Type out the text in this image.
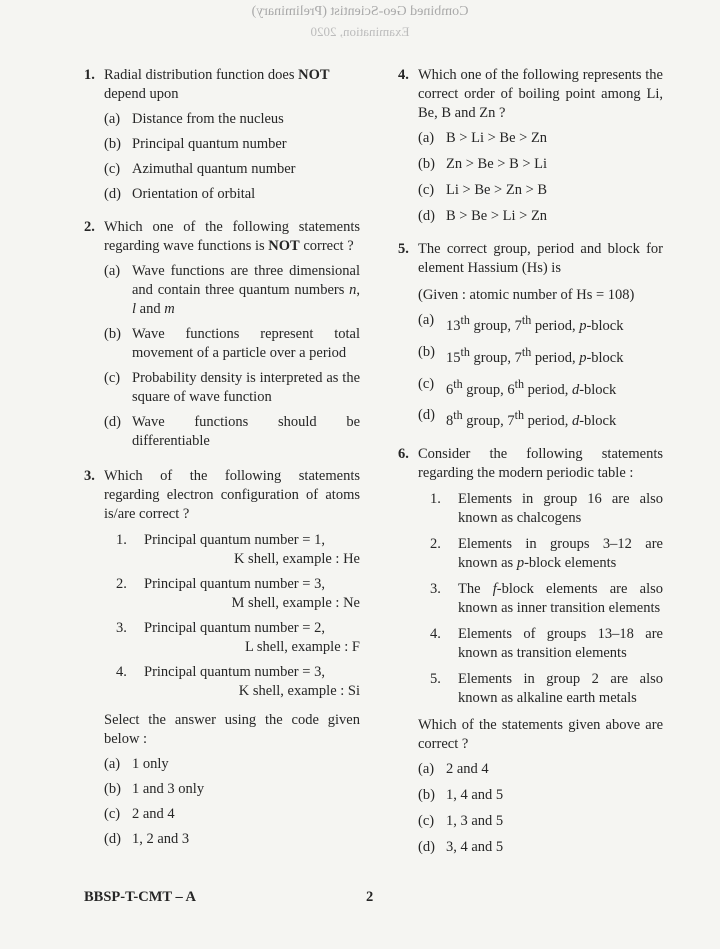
Combined Geo-Scientist (Preliminary)
Examination, 2020
1. Radial distribution function does NOT
depend upon
(a) Distance from the nucleus
(b) Principal quantum number
(c) Azimuthal quantum number
(d) Orientation of orbital
2. Which one of the following statements regarding wave functions is NOT correct ?
(a) Wave functions are three dimensional and contain three quantum numbers n, l and m
(b) Wave functions represent total movement of a particle over a period
(c) Probability density is interpreted as the square of wave function
(d) Wave functions should be differentiable
3. Which of the following statements regarding electron configuration of atoms is/are correct ?
1. Principal quantum number = 1,
K shell, example : He
2. Principal quantum number = 3,
M shell, example : Ne
3. Principal quantum number = 2,
L shell, example : F
4. Principal quantum number = 3,
K shell, example : Si
Select the answer using the code given below :
(a) 1 only
(b) 1 and 3 only
(c) 2 and 4
(d) 1, 2 and 3
4. Which one of the following represents the correct order of boiling point among Li, Be, B and Zn ?
(a) B > Li > Be > Zn
(b) Zn > Be > B > Li
(c) Li > Be > Zn > B
(d) B > Be > Li > Zn
5. The correct group, period and block for element Hassium (Hs) is
(Given : atomic number of Hs = 108)
(a) 13th group, 7th period, p-block
(b) 15th group, 7th period, p-block
(c) 6th group, 6th period, d-block
(d) 8th group, 7th period, d-block
6. Consider the following statements regarding the modern periodic table :
1. Elements in group 16 are also known as chalcogens
2. Elements in groups 3–12 are known as p-block elements
3. The f-block elements are also known as inner transition elements
4. Elements of groups 13–18 are known as transition elements
5. Elements in group 2 are also known as alkaline earth metals
Which of the statements given above are correct ?
(a) 2 and 4
(b) 1, 4 and 5
(c) 1, 3 and 5
(d) 3, 4 and 5
BBSP-T-CMT – A	2
